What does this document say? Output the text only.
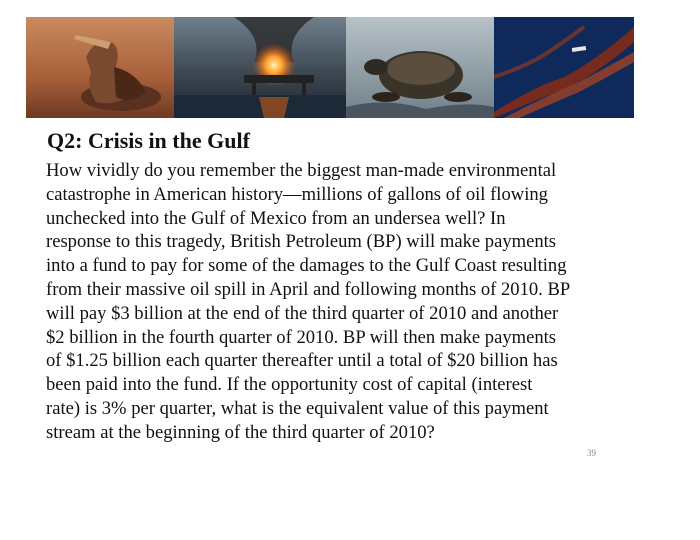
Q2: Crisis in the Gulf

How vividly do you remember the biggest man-made environmental
catastrophe in American history—millions of gallons of oil flowing
unchecked into the Gulf of Mexico from an undersea well? In
response to this tragedy, British Petroleum (BP) will make payments
into a fund to pay for some of the damages to the Gulf Coast resulting
from their massive oil spill in April and following months of 2010. BP
will pay $3 billion at the end of the third quarter of 2010 and another
$2 billion in the fourth quarter of 2010. BP will then make payments
of $1.25 billion each quarter thereafter until a total of $20 billion has
been paid into the fund. If the opportunity cost of capital (interest
rate) is 3% per quarter, what is the equivalent value of this payment
stream at the beginning of the third quarter of 2010?

39
